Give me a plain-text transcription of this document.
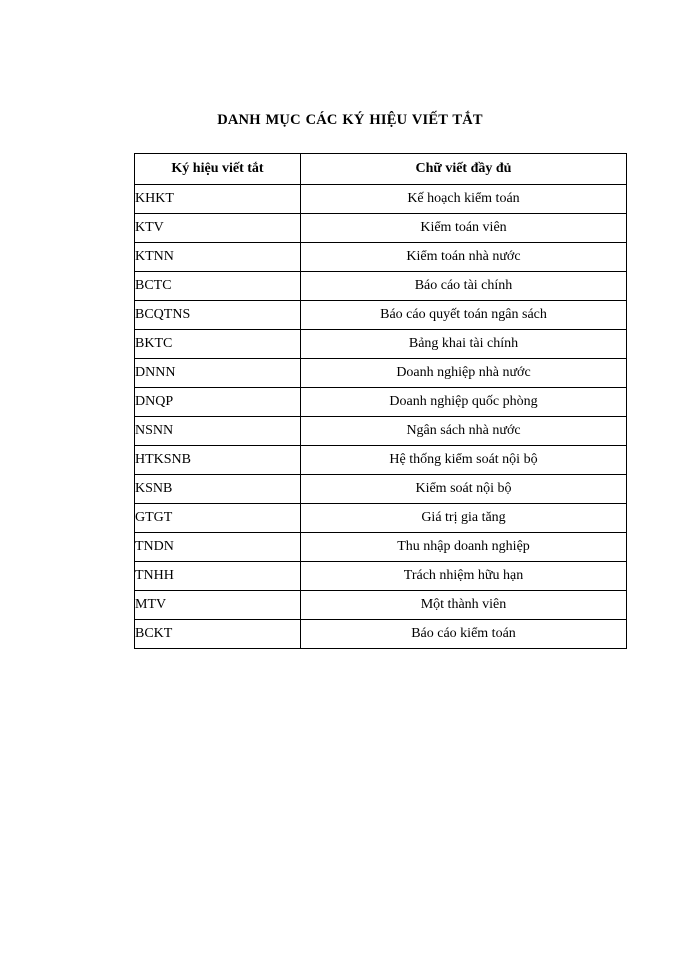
DANH MỤC CÁC KÝ HIỆU VIẾT TẮT
Ký hiệu viết tắt	Chữ viết đầy đủ
KHKT	Kế hoạch kiểm toán
KTV	Kiểm toán viên
KTNN	Kiểm toán nhà nước
BCTC	Báo cáo tài chính
BCQTNS	Báo cáo quyết toán ngân sách
BKTC	Bảng khai tài chính
DNNN	Doanh nghiệp nhà nước
DNQP	Doanh nghiệp quốc phòng
NSNN	Ngân sách nhà nước
HTKSNB	Hệ thống kiểm soát nội bộ
KSNB	Kiểm soát nội bộ
GTGT	Giá trị gia tăng
TNDN	Thu nhập doanh nghiệp
TNHH	Trách nhiệm hữu hạn
MTV	Một thành viên
BCKT	Báo cáo kiểm toán
